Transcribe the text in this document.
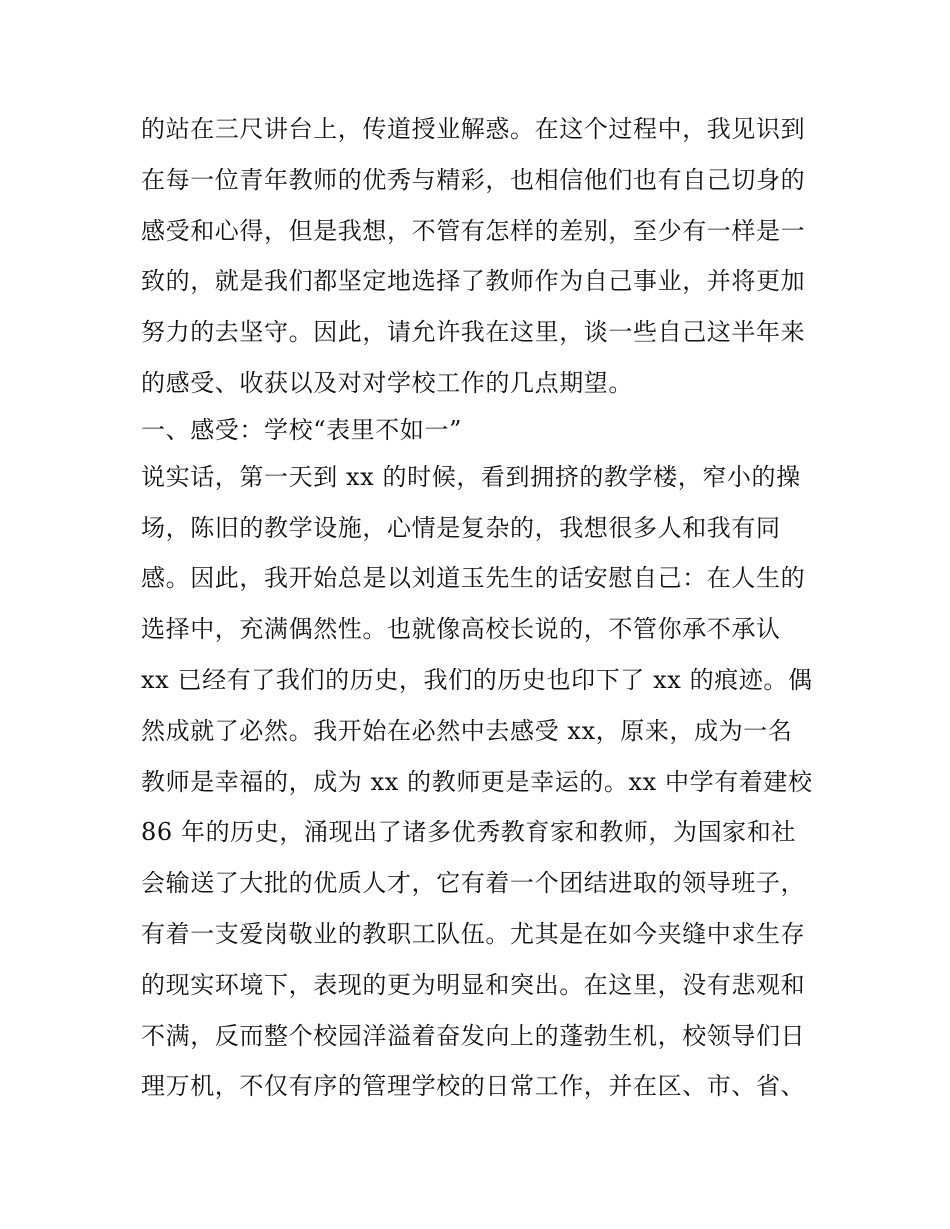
的站在三尺讲台上，传道授业解惑。在这个过程中，我见识到
在每一位青年教师的优秀与精彩，也相信他们也有自己切身的
感受和心得，但是我想，不管有怎样的差别，至少有一样是一
致的，就是我们都坚定地选择了教师作为自己事业，并将更加
努力的去坚守。因此，请允许我在这里，谈一些自己这半年来
的感受、收获以及对对学校工作的几点期望。
一、感受：学校“表里不如一”
说实话，第一天到 xx 的时候，看到拥挤的教学楼，窄小的操
场，陈旧的教学设施，心情是复杂的，我想很多人和我有同
感。因此，我开始总是以刘道玉先生的话安慰自己：在人生的
选择中，充满偶然性。也就像高校长说的，不管你承不承认
xx 已经有了我们的历史，我们的历史也印下了 xx 的痕迹。偶
然成就了必然。我开始在必然中去感受 xx，原来，成为一名
教师是幸福的，成为 xx 的教师更是幸运的。xx 中学有着建校
86 年的历史，涌现出了诸多优秀教育家和教师，为国家和社
会输送了大批的优质人才，它有着一个团结进取的领导班子，
有着一支爱岗敬业的教职工队伍。尤其是在如今夹缝中求生存
的现实环境下，表现的更为明显和突出。在这里，没有悲观和
不满，反而整个校园洋溢着奋发向上的蓬勃生机，校领导们日
理万机，不仅有序的管理学校的日常工作，并在区、市、省、
